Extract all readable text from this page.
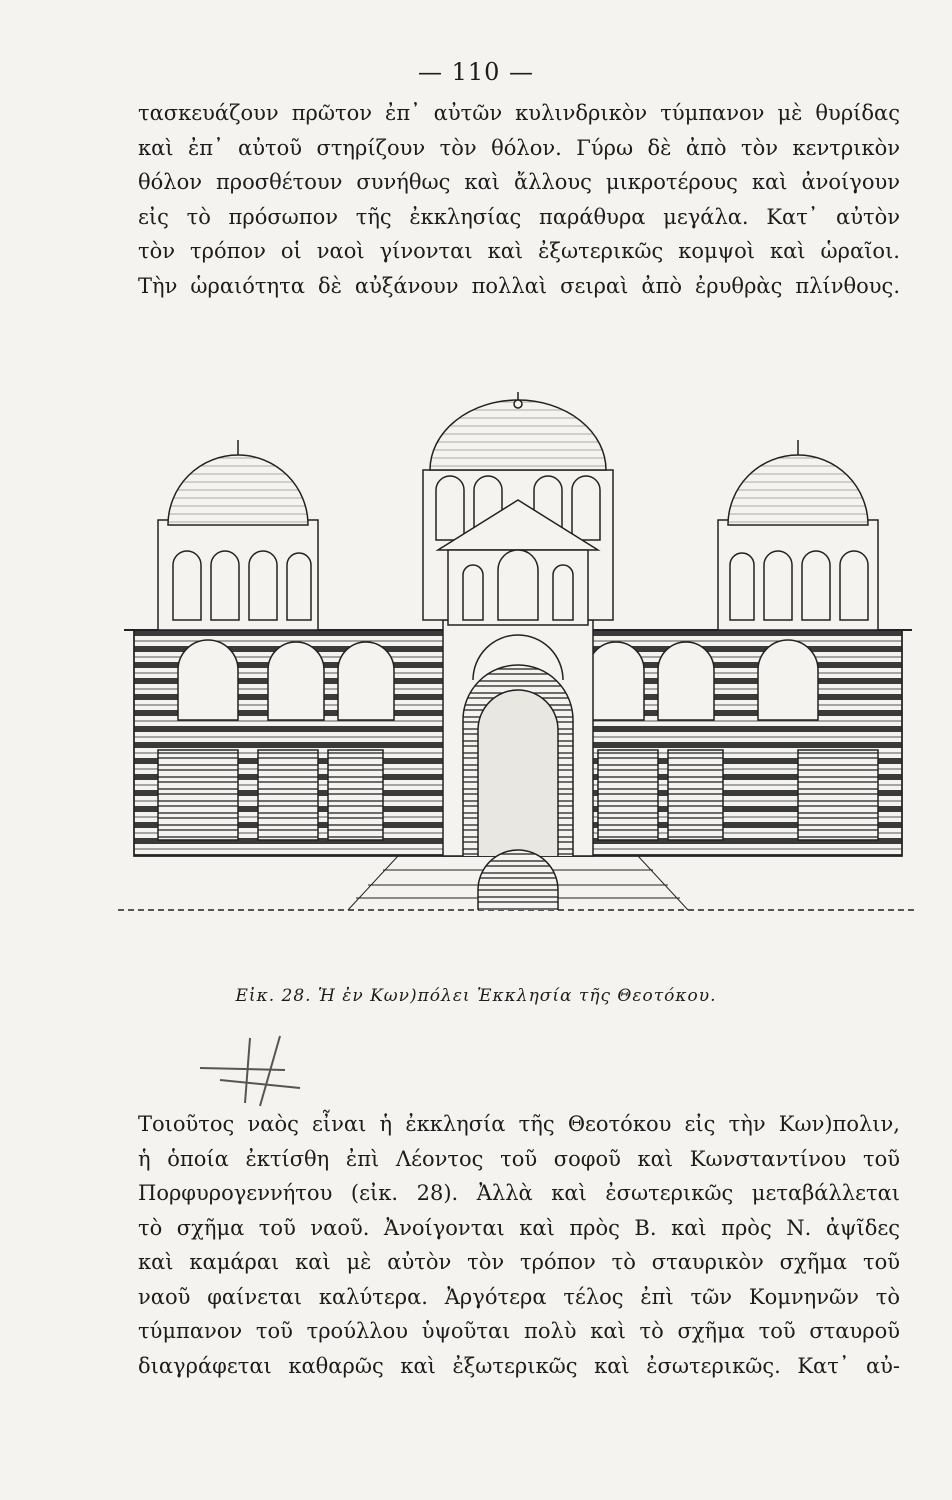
— 110 —
τασκευάζουν πρῶτον ἐπ᾽ αὐτῶν κυλινδρικὸν τύμπανον μὲ θυρίδας
καὶ ἐπ᾽ αὐτοῦ στηρίζουν τὸν θόλον. Γύρω δὲ ἀπὸ τὸν κεντρικὸν
θόλον προσθέτουν συνήθως καὶ ἄλλους μικροτέρους καὶ ἀνοίγουν
εἰς τὸ πρόσωπον τῆς ἐκκλησίας παράθυρα μεγάλα. Κατ᾽ αὐτὸν
τὸν τρόπον οἱ ναοὶ γίνονται καὶ ἐξωτερικῶς κομψοὶ καὶ ὡραῖοι.
Τὴν ὡραιότητα δὲ αὐξάνουν πολλαὶ σειραὶ ἀπὸ ἐρυθρὰς πλίνθους.
Εἰκ. 28. Ἡ ἐν Κων)πόλει Ἐκκλησία τῆς Θεοτόκου.
Τοιοῦτος ναὸς εἶναι ἡ ἐκκλησία τῆς Θεοτόκου εἰς τὴν Κων)πολιν,
ἡ ὁποία ἐκτίσθη ἐπὶ Λέοντος τοῦ σοφοῦ καὶ Κωνσταντίνου τοῦ
Πορφυρογεννήτου (εἰκ. 28). Ἀλλὰ καὶ ἐσωτερικῶς μεταβάλλεται
τὸ σχῆμα τοῦ ναοῦ. Ἀνοίγονται καὶ πρὸς Β. καὶ πρὸς Ν. ἀψῖδες
καὶ καμάραι καὶ μὲ αὐτὸν τὸν τρόπον τὸ σταυρικὸν σχῆμα τοῦ
ναοῦ φαίνεται καλύτερα. Ἀργότερα τέλος ἐπὶ τῶν Κομνηνῶν τὸ
τύμπανον τοῦ τρούλλου ὑψοῦται πολὺ καὶ τὸ σχῆμα τοῦ σταυροῦ
διαγράφεται καθαρῶς καὶ ἐξωτερικῶς καὶ ἐσωτερικῶς. Κατ᾽ αὐ-
